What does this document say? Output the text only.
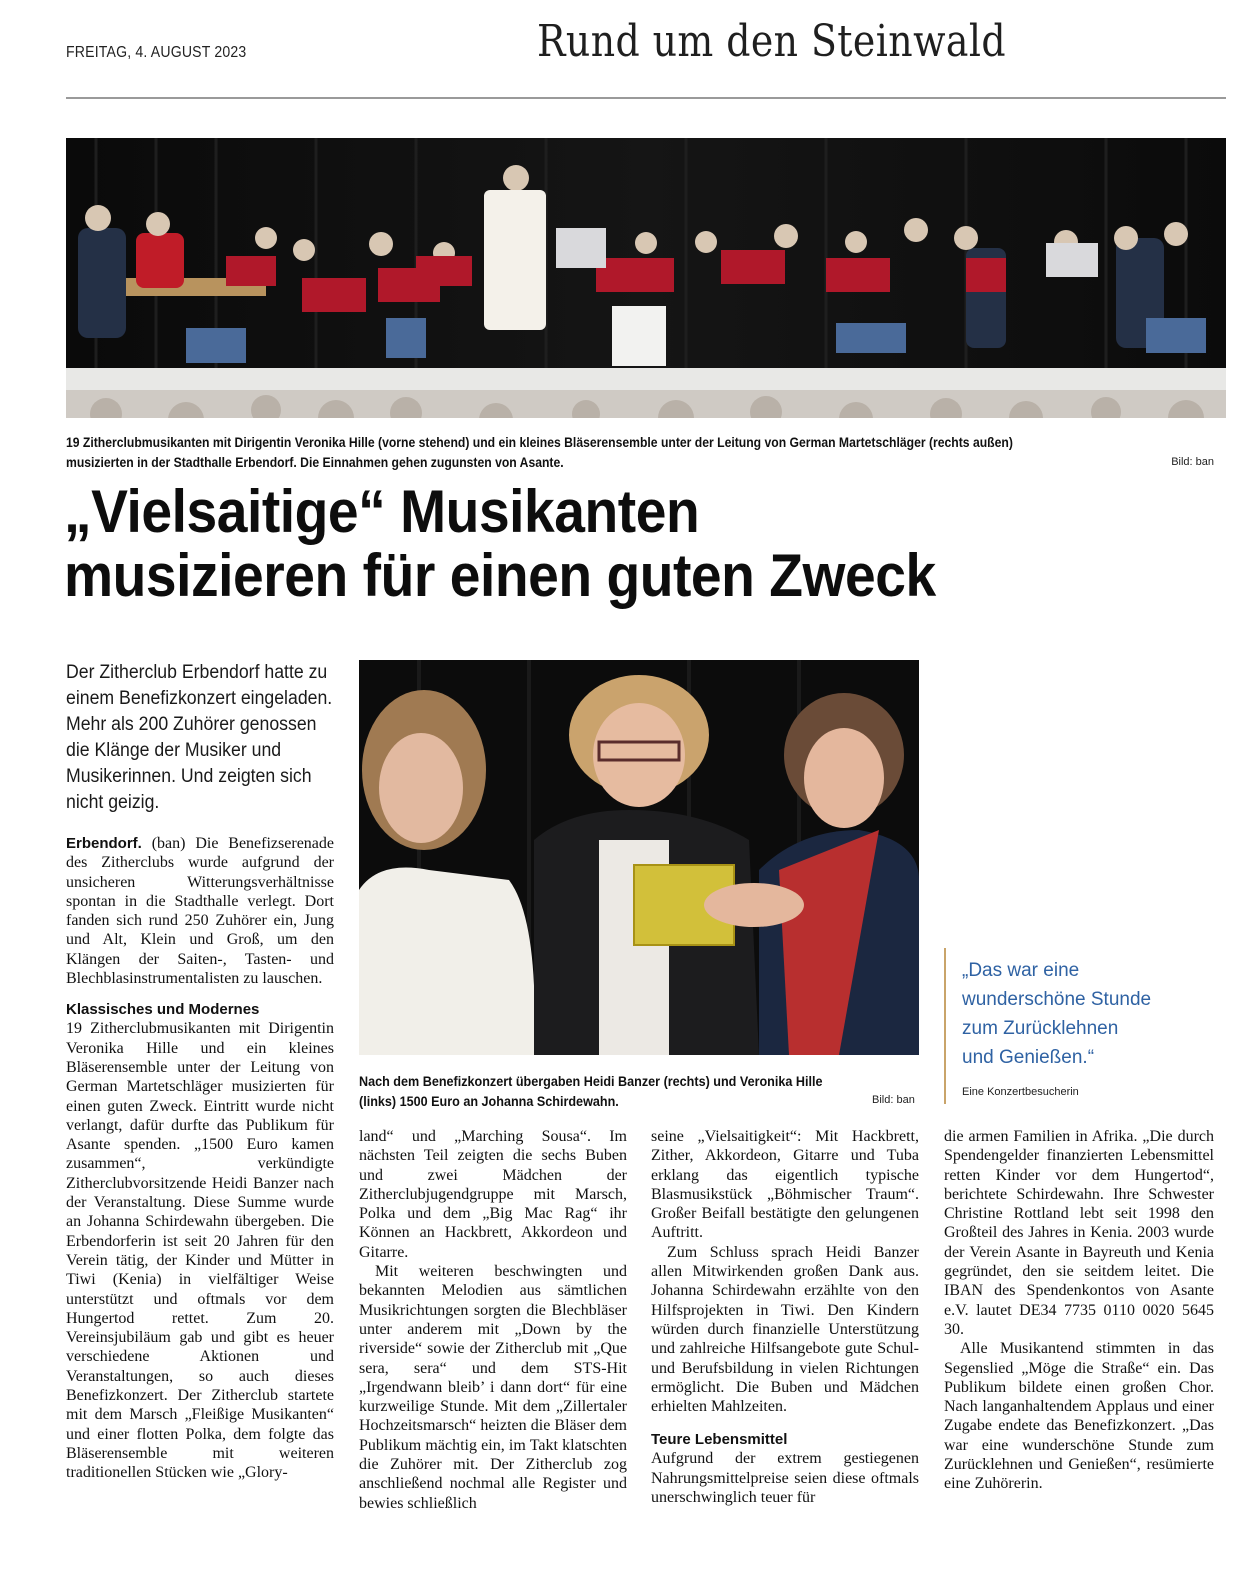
FREITAG, 4. AUGUST 2023	Rund um den Steinwald
19 Zitherclubmusikanten mit Dirigentin Veronika Hille (vorne stehend) und ein kleines Bläserensemble unter der Leitung von German Martetschläger (rechts außen)
musizierten in der Stadthalle Erbendorf. Die Einnahmen gehen zugunsten von Asante.	Bild: ban
„Vielsaitige“ Musikanten
musizieren für einen guten Zweck
Der Zitherclub Erbendorf hatte zu einem Benefizkonzert eingeladen. Mehr als 200 Zuhörer genossen die Klänge der Musiker und Musikerinnen. Und zeigten sich nicht geizig.
Nach dem Benefizkonzert übergaben Heidi Banzer (rechts) und Veronika Hille
(links) 1500 Euro an Johanna Schirdewahn.	Bild: ban
„Das war eine
wunderschöne Stunde
zum Zurücklehnen
und Genießen.“
Eine Konzertbesucherin

Erbendorf. (ban) Die Benefizserenade des Zitherclubs wurde aufgrund der unsicheren Witterungsverhältnisse spontan in die Stadthalle verlegt. Dort fanden sich rund 250 Zuhörer ein, Jung und Alt, Klein und Groß, um den Klängen der Saiten-, Tasten- und Blechblasinstrumentalisten zu lauschen.

Klassisches und Modernes

19 Zitherclubmusikanten mit Dirigentin Veronika Hille und ein kleines Bläserensemble unter der Leitung von German Martetschläger musizierten für einen guten Zweck. Eintritt wurde nicht verlangt, dafür durfte das Publikum für Asante spenden. „1500 Euro kamen zusammen“, verkündigte Zitherclubvorsitzende Heidi Banzer nach der Veranstaltung. Diese Summe wurde an Johanna Schirdewahn übergeben. Die Erbendorferin ist seit 20 Jahren für den Verein tätig, der Kinder und Mütter in Tiwi (Kenia) in vielfältiger Weise unterstützt und oftmals vor dem Hungertod rettet. Zum 20. Vereinsjubiläum gab und gibt es heuer verschiedene Aktionen und Veranstaltungen, so auch dieses Benefizkonzert. Der Zitherclub startete mit dem Marsch „Fleißige Musikanten“ und einer flotten Polka, dem folgte das Bläserensemble mit weiteren traditionellen Stücken wie „Glory-

land“ und „Marching Sousa“. Im nächsten Teil zeigten die sechs Buben und zwei Mädchen der Zitherclubjugendgruppe mit Marsch, Polka und dem „Big Mac Rag“ ihr Können an Hackbrett, Akkordeon und Gitarre.

Mit weiteren beschwingten und bekannten Melodien aus sämtlichen Musikrichtungen sorgten die Blechbläser unter anderem mit „Down by the riverside“ sowie der Zitherclub mit „Que sera, sera“ und dem STS-Hit „Irgendwann bleib’ i dann dort“ für eine kurzweilige Stunde. Mit dem „Zillertaler Hochzeitsmarsch“ heizten die Bläser dem Publikum mächtig ein, im Takt klatschten die Zuhörer mit. Der Zitherclub zog anschließend nochmal alle Register und bewies schließlich

seine „Vielsaitigkeit“: Mit Hackbrett, Zither, Akkordeon, Gitarre und Tuba erklang das eigentlich typische Blasmusikstück „Böhmischer Traum“. Großer Beifall bestätigte den gelungenen Auftritt.

Zum Schluss sprach Heidi Banzer allen Mitwirkenden großen Dank aus. Johanna Schirdewahn erzählte von den Hilfsprojekten in Tiwi. Den Kindern würden durch finanzielle Unterstützung und zahlreiche Hilfsangebote gute Schul- und Berufsbildung in vielen Richtungen ermöglicht. Die Buben und Mädchen erhielten Mahlzeiten.

Teure Lebensmittel

Aufgrund der extrem gestiegenen Nahrungsmittelpreise seien diese oftmals unerschwinglich teuer für

die armen Familien in Afrika. „Die durch Spendengelder finanzierten Lebensmittel retten Kinder vor dem Hungertod“, berichtete Schirdewahn. Ihre Schwester Christine Rottland lebt seit 1998 den Großteil des Jahres in Kenia. 2003 wurde der Verein Asante in Bayreuth und Kenia gegründet, den sie seitdem leitet. Die IBAN des Spendenkontos von Asante e.V. lautet DE34 7735 0110 0020 5645 30.

Alle Musikantend stimmten in das Segenslied „Möge die Straße“ ein. Das Publikum bildete einen großen Chor. Nach langanhaltendem Applaus und einer Zugabe endete das Benefizkonzert. „Das war eine wunderschöne Stunde zum Zurücklehnen und Genießen“, resümierte eine Zuhörerin.
